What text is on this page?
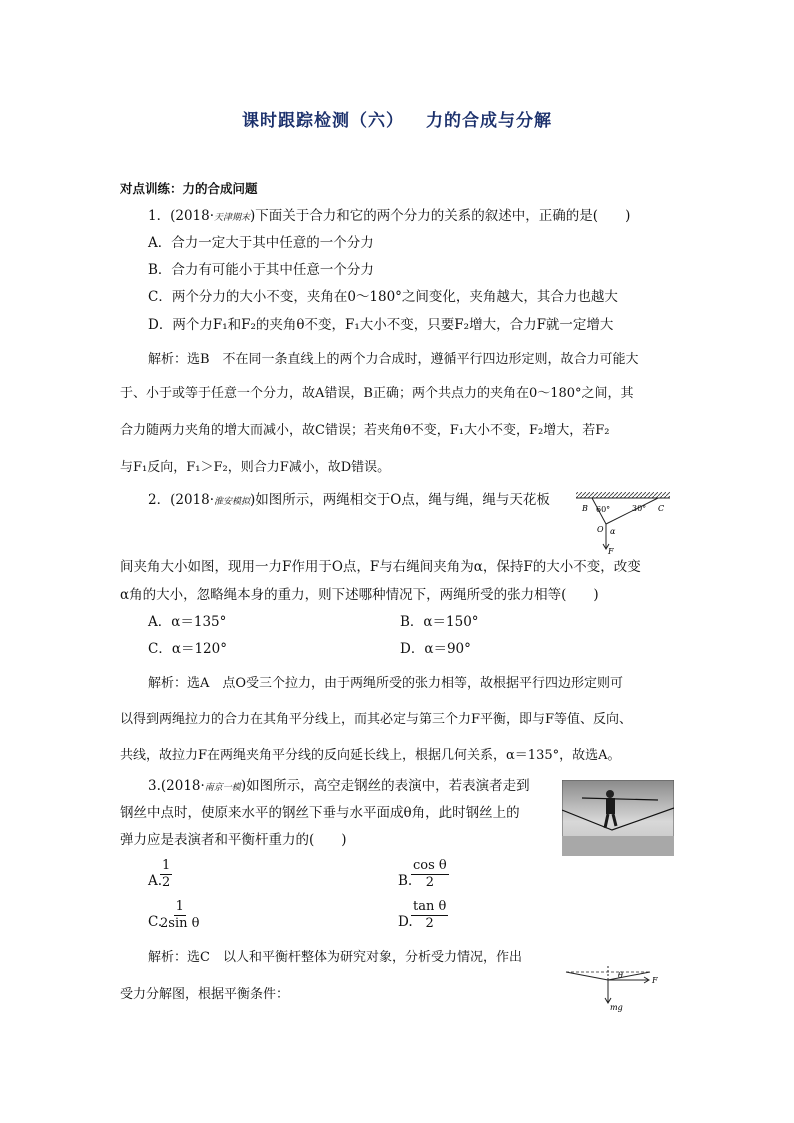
课时跟踪检测（六） 力的合成与分解
对点训练：力的合成问题
1．(2018·天津期末)下面关于合力和它的两个分力的关系的叙述中，正确的是(　　)
A．合力一定大于其中任意的一个分力
B．合力有可能小于其中任意一个分力
C．两个分力的大小不变，夹角在0～180°之间变化，夹角越大，其合力也越大
D．两个力F₁和F₂的夹角θ不变，F₁大小不变，只要F₂增大，合力F就一定增大
解析：选B　不在同一条直线上的两个力合成时，遵循平行四边形定则，故合力可能大
于、小于或等于任意一个分力，故A错误，B正确；两个共点力的夹角在0～180°之间，其
合力随两力夹角的增大而减小，故C错误；若夹角θ不变，F₁大小不变，F₂增大，若F₂
与F₁反向，F₁＞F₂，则合力F减小，故D错误。
2．(2018·淮安模拟)如图所示，两绳相交于O点，绳与绳，绳与天花板
B	C
60°	30°
O α
F
间夹角大小如图，现用一力F作用于O点，F与右绳间夹角为α，保持F的大小不变，改变
α角的大小，忽略绳本身的重力，则下述哪种情况下，两绳所受的张力相等(　　)
A．α＝135°	B．α＝150°
C．α＝120°	D．α＝90°
解析：选A　点O受三个拉力，由于两绳所受的张力相等，故根据平行四边形定则可
以得到两绳拉力的合力在其角平分线上，而其必定与第三个力F平衡，即与F等值、反向、
共线，故拉力F在两绳夹角平分线的反向延长线上，根据几何关系，α＝135°，故选A。
3.(2018·南京一模)如图所示，高空走钢丝的表演中，若表演者走到
钢丝中点时，使原来水平的钢丝下垂与水平面成θ角，此时钢丝上的
弹力应是表演者和平衡杆重力的(　　)
A.
$\frac{1}{2}$	B.
$\frac{\text{cos θ}}{2}$
C.
$\frac{1}{\text{2sin θ}}$	D.
$\frac{\text{tan θ}}{2}$
解析：选C　以人和平衡杆整体为研究对象，分析受力情况，作出
受力分解图，根据平衡条件：
θ
F
mg
